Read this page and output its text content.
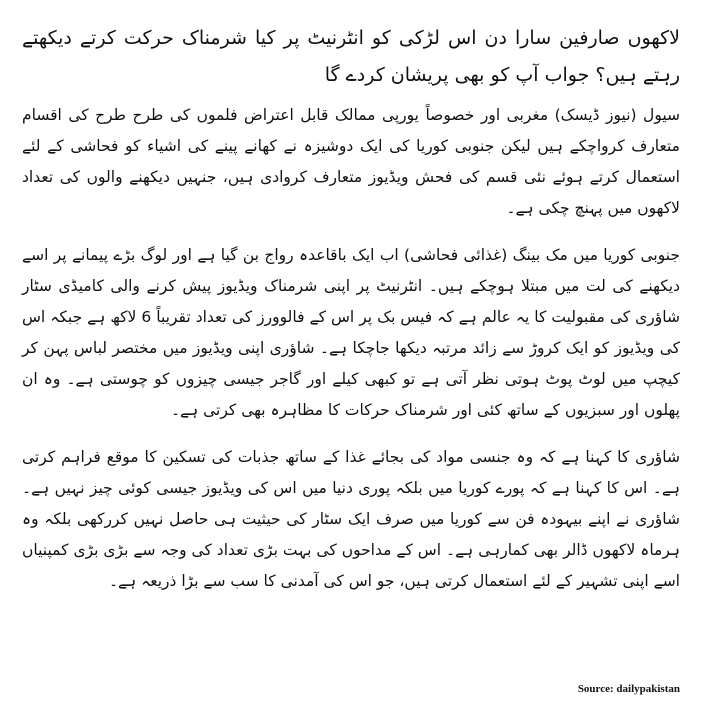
لاکھوں صارفین سارا دن اس لڑکی کو انٹرنیٹ پر کیا شرمناک حرکت کرتے دیکھتے رہتے ہیں؟ جواب آپ کو بھی پریشان کردے گا

سیول (نیوز ڈیسک) مغربی اور خصوصاً یورپی ممالک قابل اعتراض فلموں کی طرح طرح کی اقسام متعارف کرواچکے ہیں لیکن جنوبی کوریا کی ایک دوشیزہ نے کھانے پینے کی اشیاء کو فحاشی کے لئے استعمال کرتے ہوئے نئی قسم کی فحش ویڈیوز متعارف کروادی ہیں، جنہیں دیکھنے والوں کی تعداد لاکھوں میں پہنچ چکی ہے۔

جنوبی کوریا میں مک بینگ (غذائی فحاشی) اب ایک باقاعدہ رواج بن گیا ہے اور لوگ بڑے پیمانے پر اسے دیکھنے کی لت میں مبتلا ہوچکے ہیں۔ انٹرنیٹ پر اپنی شرمناک ویڈیوز پیش کرنے والی کامیڈی سٹار شاؤری کی مقبولیت کا یہ عالم ہے کہ فیس بک پر اس کے فالوورز کی تعداد تقریباً 6 لاکھ ہے جبکہ اس کی ویڈیوز کو ایک کروڑ سے زائد مرتبہ دیکھا جاچکا ہے۔ شاؤری اپنی ویڈیوز میں مختصر لباس پہن کر کیچپ میں لوٹ پوٹ ہوتی نظر آتی ہے تو کبھی کیلے اور گاجر جیسی چیزوں کو چوستی ہے۔ وہ ان پھلوں اور سبزیوں کے ساتھ کئی اور شرمناک حرکات کا مظاہرہ بھی کرتی ہے۔

شاؤری کا کہنا ہے کہ وہ جنسی مواد کی بجائے غذا کے ساتھ جذبات کی تسکین کا موقع فراہم کرتی ہے۔ اس کا کہنا ہے کہ پورے کوریا میں بلکہ پوری دنیا میں اس کی ویڈیوز جیسی کوئی چیز نہیں ہے۔ شاؤری نے اپنے بیہودہ فن سے کوریا میں صرف ایک سٹار کی حیثیت ہی حاصل نہیں کررکھی بلکہ وہ ہرماہ لاکھوں ڈالر بھی کمارہی ہے۔ اس کے مداحوں کی بہت بڑی تعداد کی وجہ سے بڑی بڑی کمپنیاں اسے اپنی تشہیر کے لئے استعمال کرتی ہیں، جو اس کی آمدنی کا سب سے بڑا ذریعہ ہے۔

Source: dailypakistan
